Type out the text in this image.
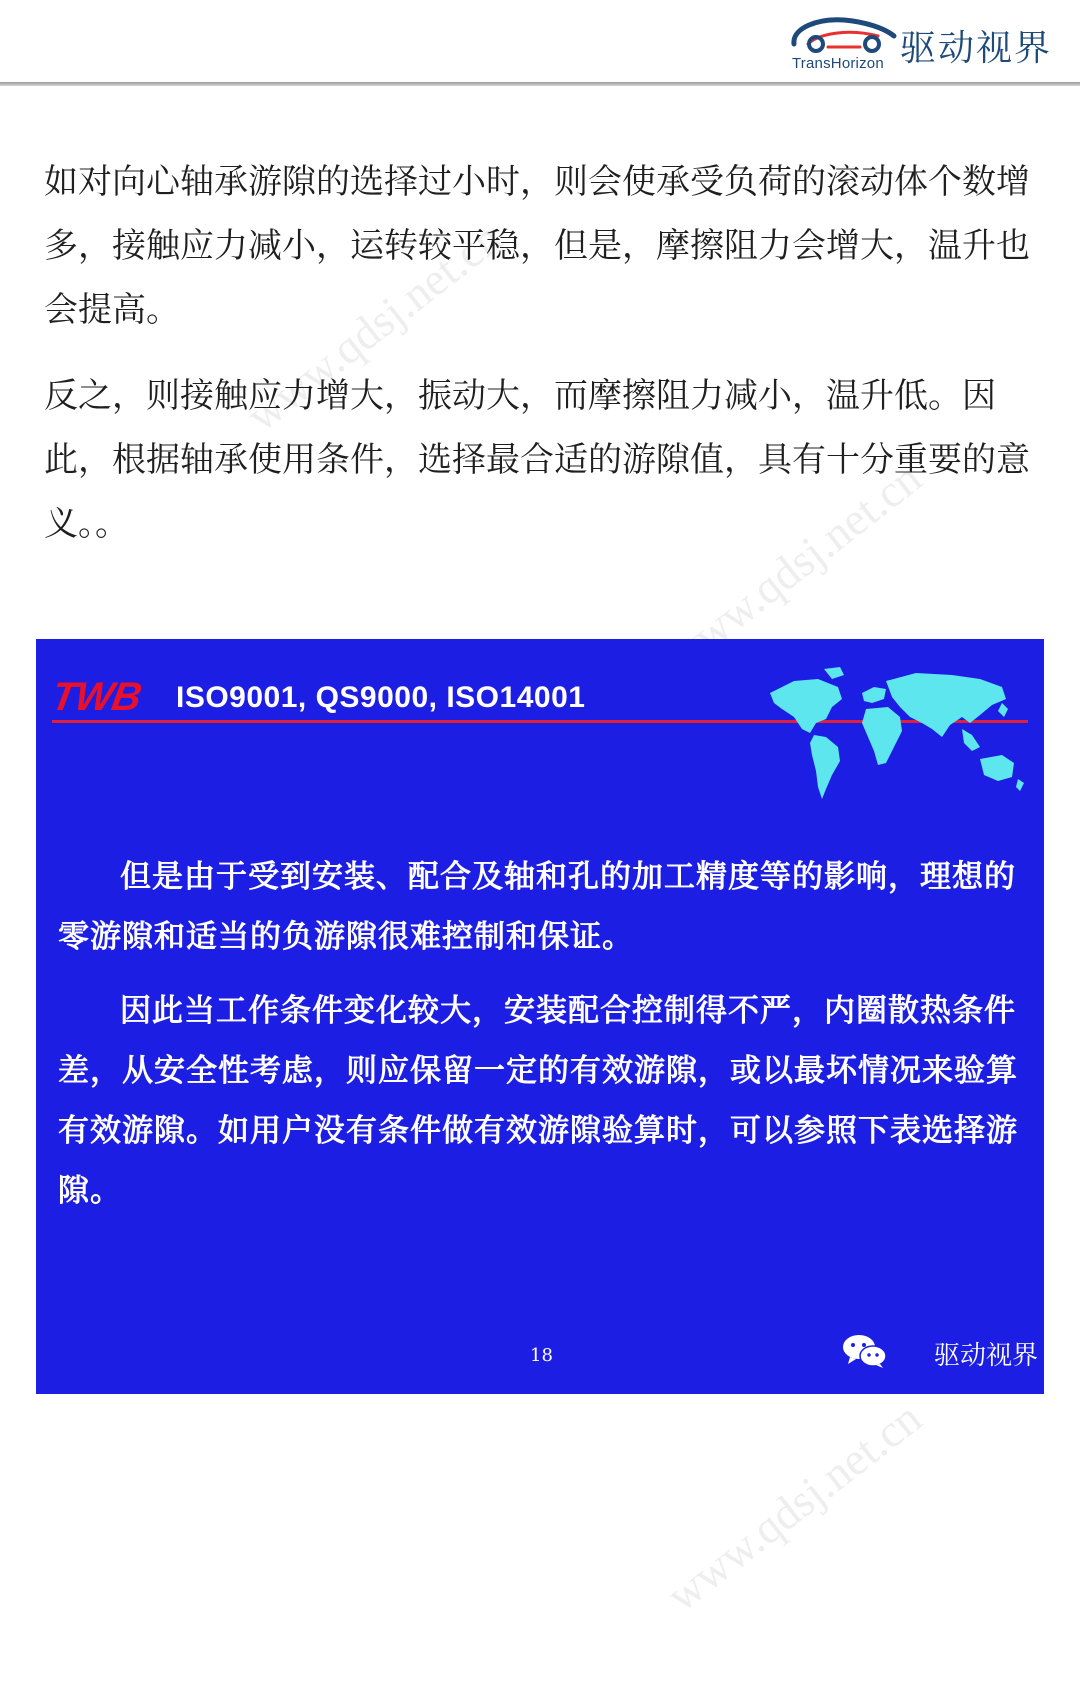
TransHorizon 驱动视界
www.qdsj.net.cn
www.qdsj.net.cn
www.qdsj.net.cn

如对向心轴承游隙的选择过小时，则会使承受负荷的滚动体个数增多，接触应力减小，运转较平稳，但是，摩擦阻力会增大，温升也会提高。

反之，则接触应力增大，振动大，而摩擦阻力减小，温升低。因此，根据轴承使用条件，选择最合适的游隙值，具有十分重要的意义。。

TWB ISO9001, QS9000, ISO14001

但是由于受到安装、配合及轴和孔的加工精度等的影响，理想的零游隙和适当的负游隙很难控制和保证。

因此当工作条件变化较大，安装配合控制得不严，内圈散热条件差，从安全性考虑，则应保留一定的有效游隙，或以最坏情况来验算有效游隙。如用户没有条件做有效游隙验算时，可以参照下表选择游隙。

18	驱动视界
